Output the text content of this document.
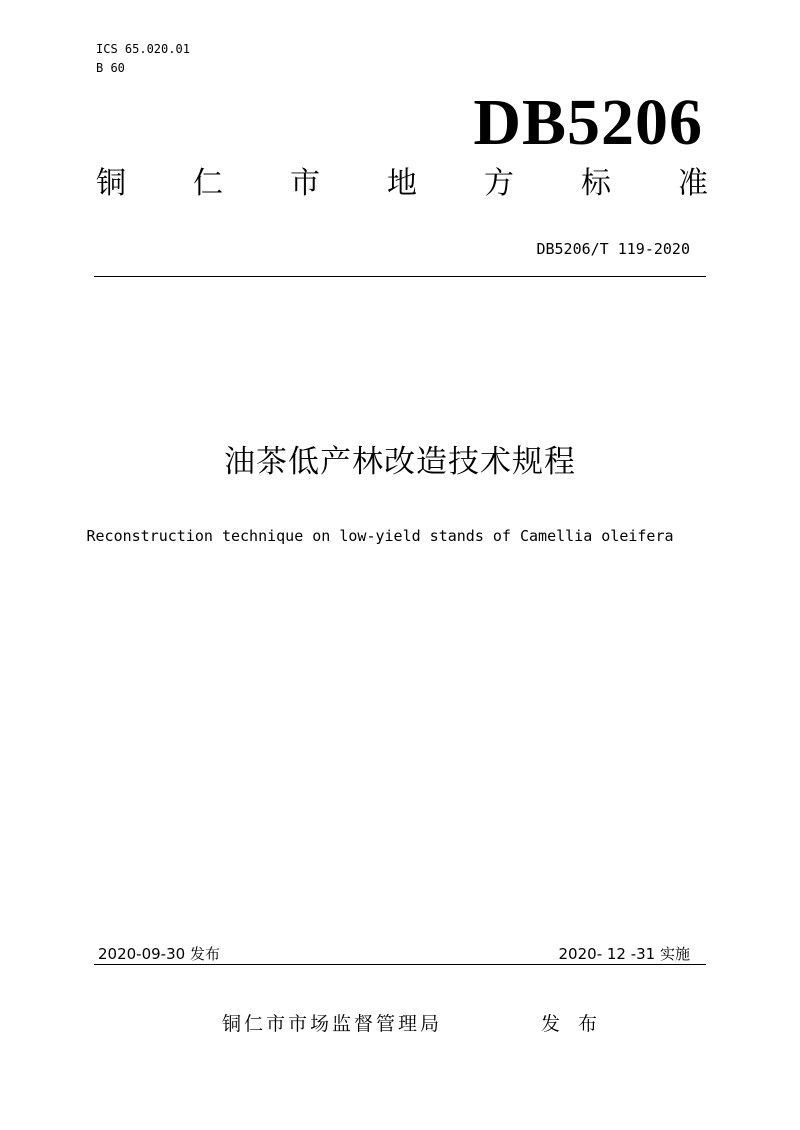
ICS 65.020.01
B 60
DB5206
铜 仁 市 地 方 标 准
DB5206/T 119-2020
油茶低产林改造技术规程
Reconstruction technique on low-yield stands of Camellia oleifera
2020-09-30 发布	2020- 12 -31 实施
铜仁市市场监督管理局	发 布
